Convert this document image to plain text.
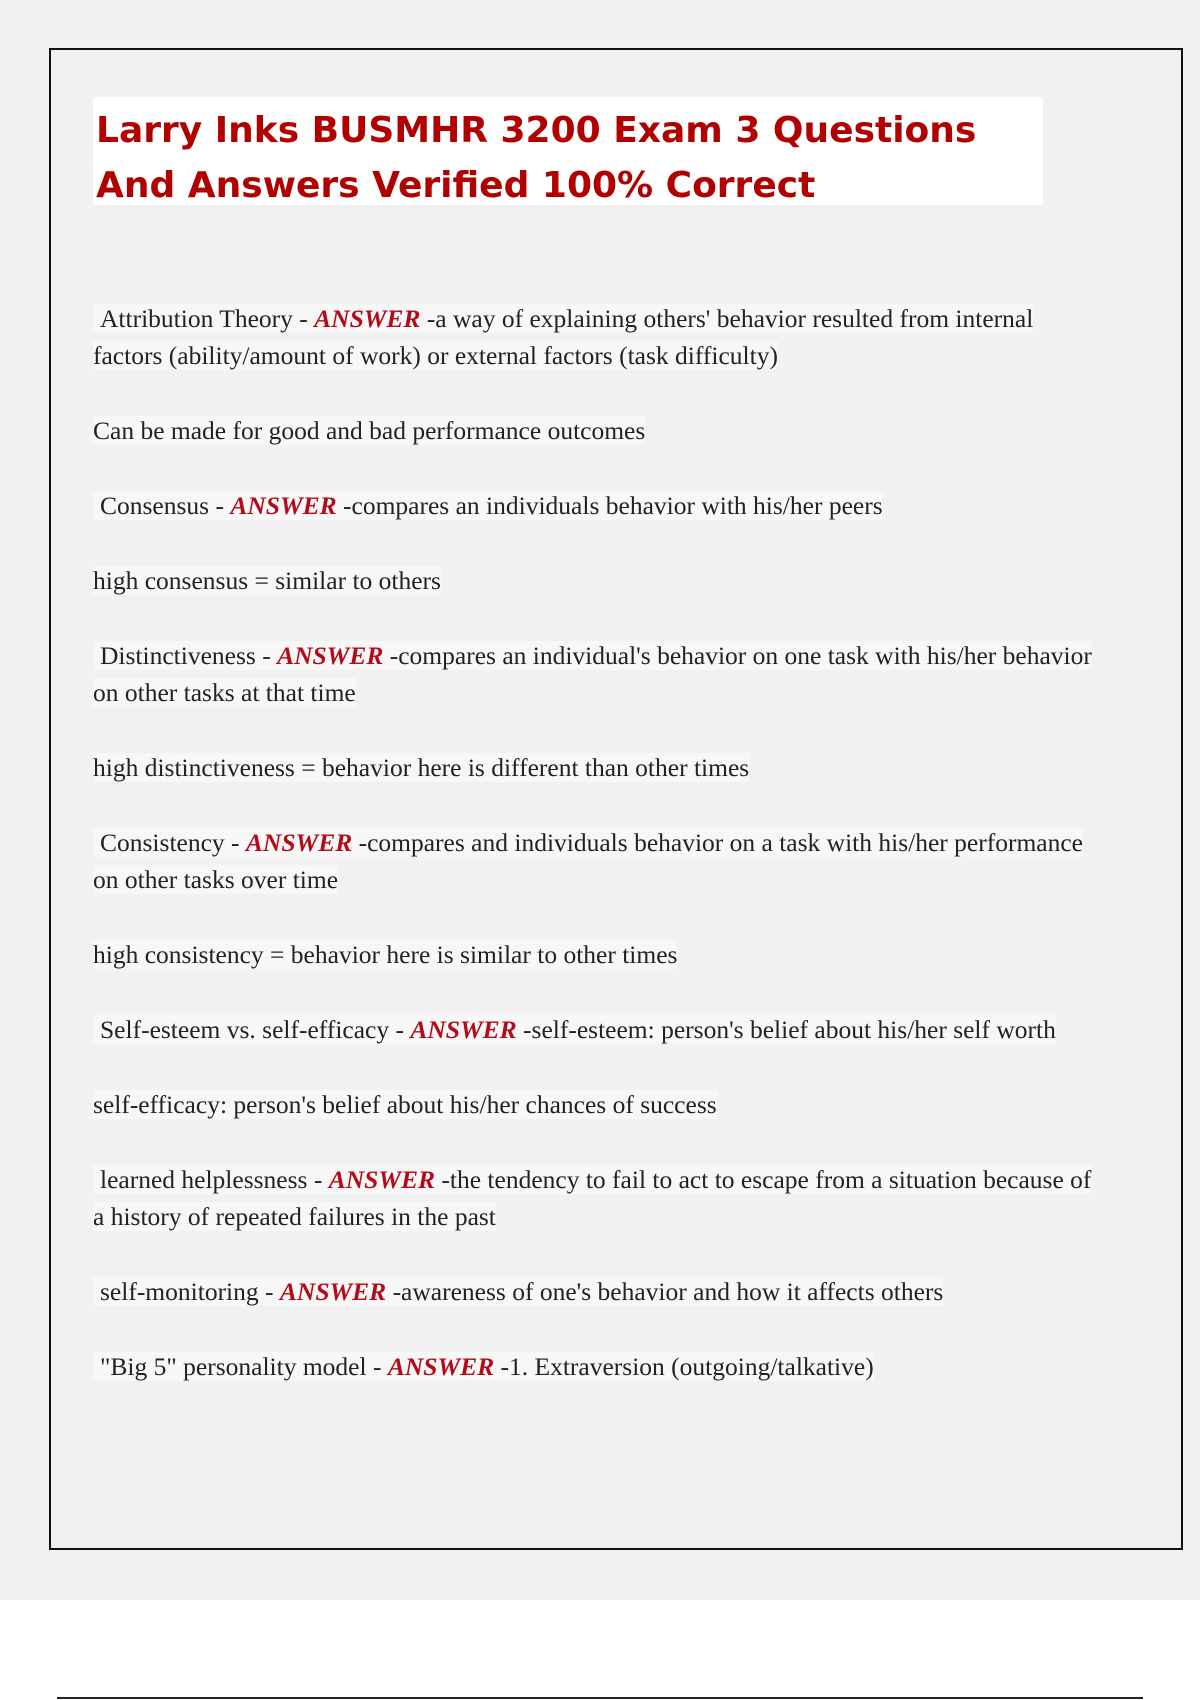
Larry Inks BUSMHR 3200 Exam 3 Questions And Answers Verified 100% Correct

Attribution Theory - ANSWER -a way of explaining others' behavior resulted from internal factors (ability/amount of work) or external factors (task difficulty)

Can be made for good and bad performance outcomes

Consensus - ANSWER -compares an individuals behavior with his/her peers

high consensus = similar to others

Distinctiveness - ANSWER -compares an individual's behavior on one task with his/her behavior on other tasks at that time

high distinctiveness = behavior here is different than other times

Consistency - ANSWER -compares and individuals behavior on a task with his/her performance on other tasks over time

high consistency = behavior here is similar to other times

Self-esteem vs. self-efficacy - ANSWER -self-esteem: person's belief about his/her self worth

self-efficacy: person's belief about his/her chances of success

learned helplessness - ANSWER -the tendency to fail to act to escape from a situation because of a history of repeated failures in the past

self-monitoring - ANSWER -awareness of one's behavior and how it affects others

"Big 5" personality model - ANSWER -1. Extraversion (outgoing/talkative)
